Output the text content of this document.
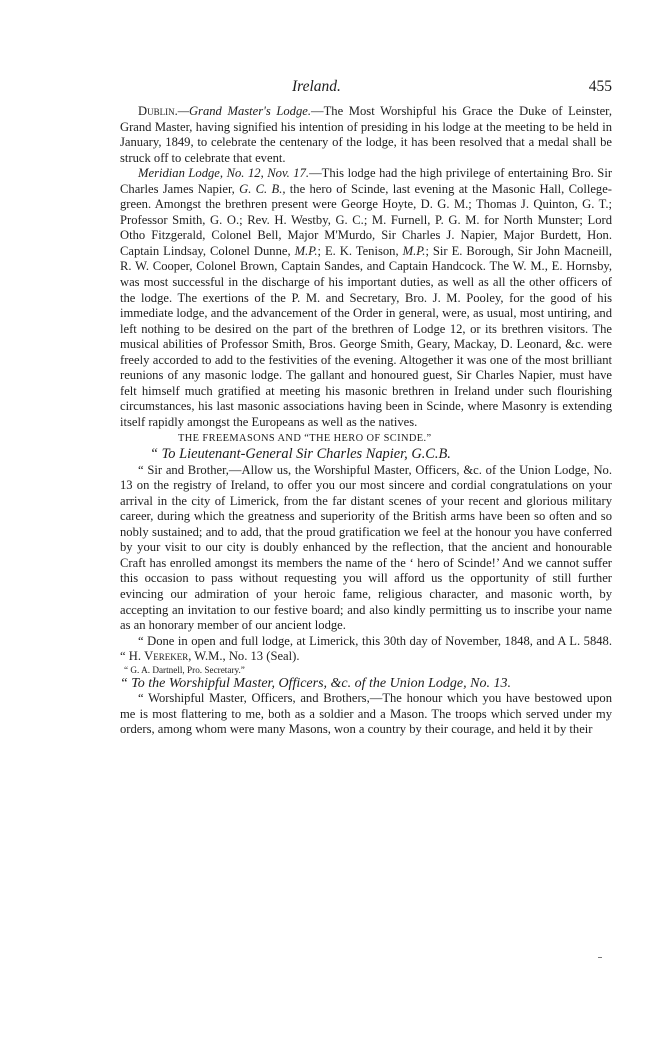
Ireland.	455

Dublin.—Grand Master's Lodge.—The Most Worshipful his Grace the Duke of Leinster, Grand Master, having signified his intention of presiding in his lodge at the meeting to be held in January, 1849, to celebrate the centenary of the lodge, it has been resolved that a medal shall be struck off to celebrate that event.

Meridian Lodge, No. 12, Nov. 17.—This lodge had the high privilege of entertaining Bro. Sir Charles James Napier, G. C. B., the hero of Scinde, last evening at the Masonic Hall, College-green. Amongst the brethren present were George Hoyte, D. G. M.; Thomas J. Quinton, G. T.; Professor Smith, G. O.; Rev. H. Westby, G. C.; M. Furnell, P. G. M. for North Munster; Lord Otho Fitzgerald, Colonel Bell, Major M'Murdo, Sir Charles J. Napier, Major Burdett, Hon. Captain Lindsay, Colonel Dunne, M.P.; E. K. Tenison, M.P.; Sir E. Borough, Sir John Macneill, R. W. Cooper, Colonel Brown, Captain Sandes, and Captain Handcock. The W. M., E. Hornsby, was most successful in the discharge of his important duties, as well as all the other officers of the lodge. The exertions of the P. M. and Secretary, Bro. J. M. Pooley, for the good of his immediate lodge, and the advancement of the Order in general, were, as usual, most untiring, and left nothing to be desired on the part of the brethren of Lodge 12, or its brethren visitors. The musical abilities of Professor Smith, Bros. George Smith, Geary, Mackay, D. Leonard, &c. were freely accorded to add to the festivities of the evening. Altogether it was one of the most brilliant reunions of any masonic lodge. The gallant and honoured guest, Sir Charles Napier, must have felt himself much gratified at meeting his masonic brethren in Ireland under such flourishing circumstances, his last masonic associations having been in Scinde, where Masonry is extending itself rapidly amongst the Europeans as well as the natives.

THE FREEMASONS AND “THE HERO OF SCINDE.”

“ To Lieutenant-General Sir Charles Napier, G.C.B.

“ Sir and Brother,—Allow us, the Worshipful Master, Officers, &c. of the Union Lodge, No. 13 on the registry of Ireland, to offer you our most sincere and cordial congratulations on your arrival in the city of Limerick, from the far distant scenes of your recent and glorious military career, during which the greatness and superiority of the British arms have been so often and so nobly sustained; and to add, that the proud gratification we feel at the honour you have conferred by your visit to our city is doubly enhanced by the reflection, that the ancient and honourable Craft has enrolled amongst its members the name of the ‘ hero of Scinde!’ And we cannot suffer this occasion to pass without requesting you will afford us the opportunity of still further evincing our admiration of your heroic fame, religious character, and masonic worth, by accepting an invitation to our festive board; and also kindly permitting us to inscribe your name as an honorary member of our ancient lodge.

“ Done in open and full lodge, at Limerick, this 30th day of November, 1848, and A L. 5848. “ H. Vereker, W.M., No. 13 (Seal).

“ G. A. Dartnell, Pro. Secretary.”

“ To the Worshipful Master, Officers, &c. of the Union Lodge, No. 13.

“ Worshipful Master, Officers, and Brothers,—The honour which you have bestowed upon me is most flattering to me, both as a soldier and a Mason. The troops which served under my orders, among whom were many Masons, won a country by their courage, and held it by their
